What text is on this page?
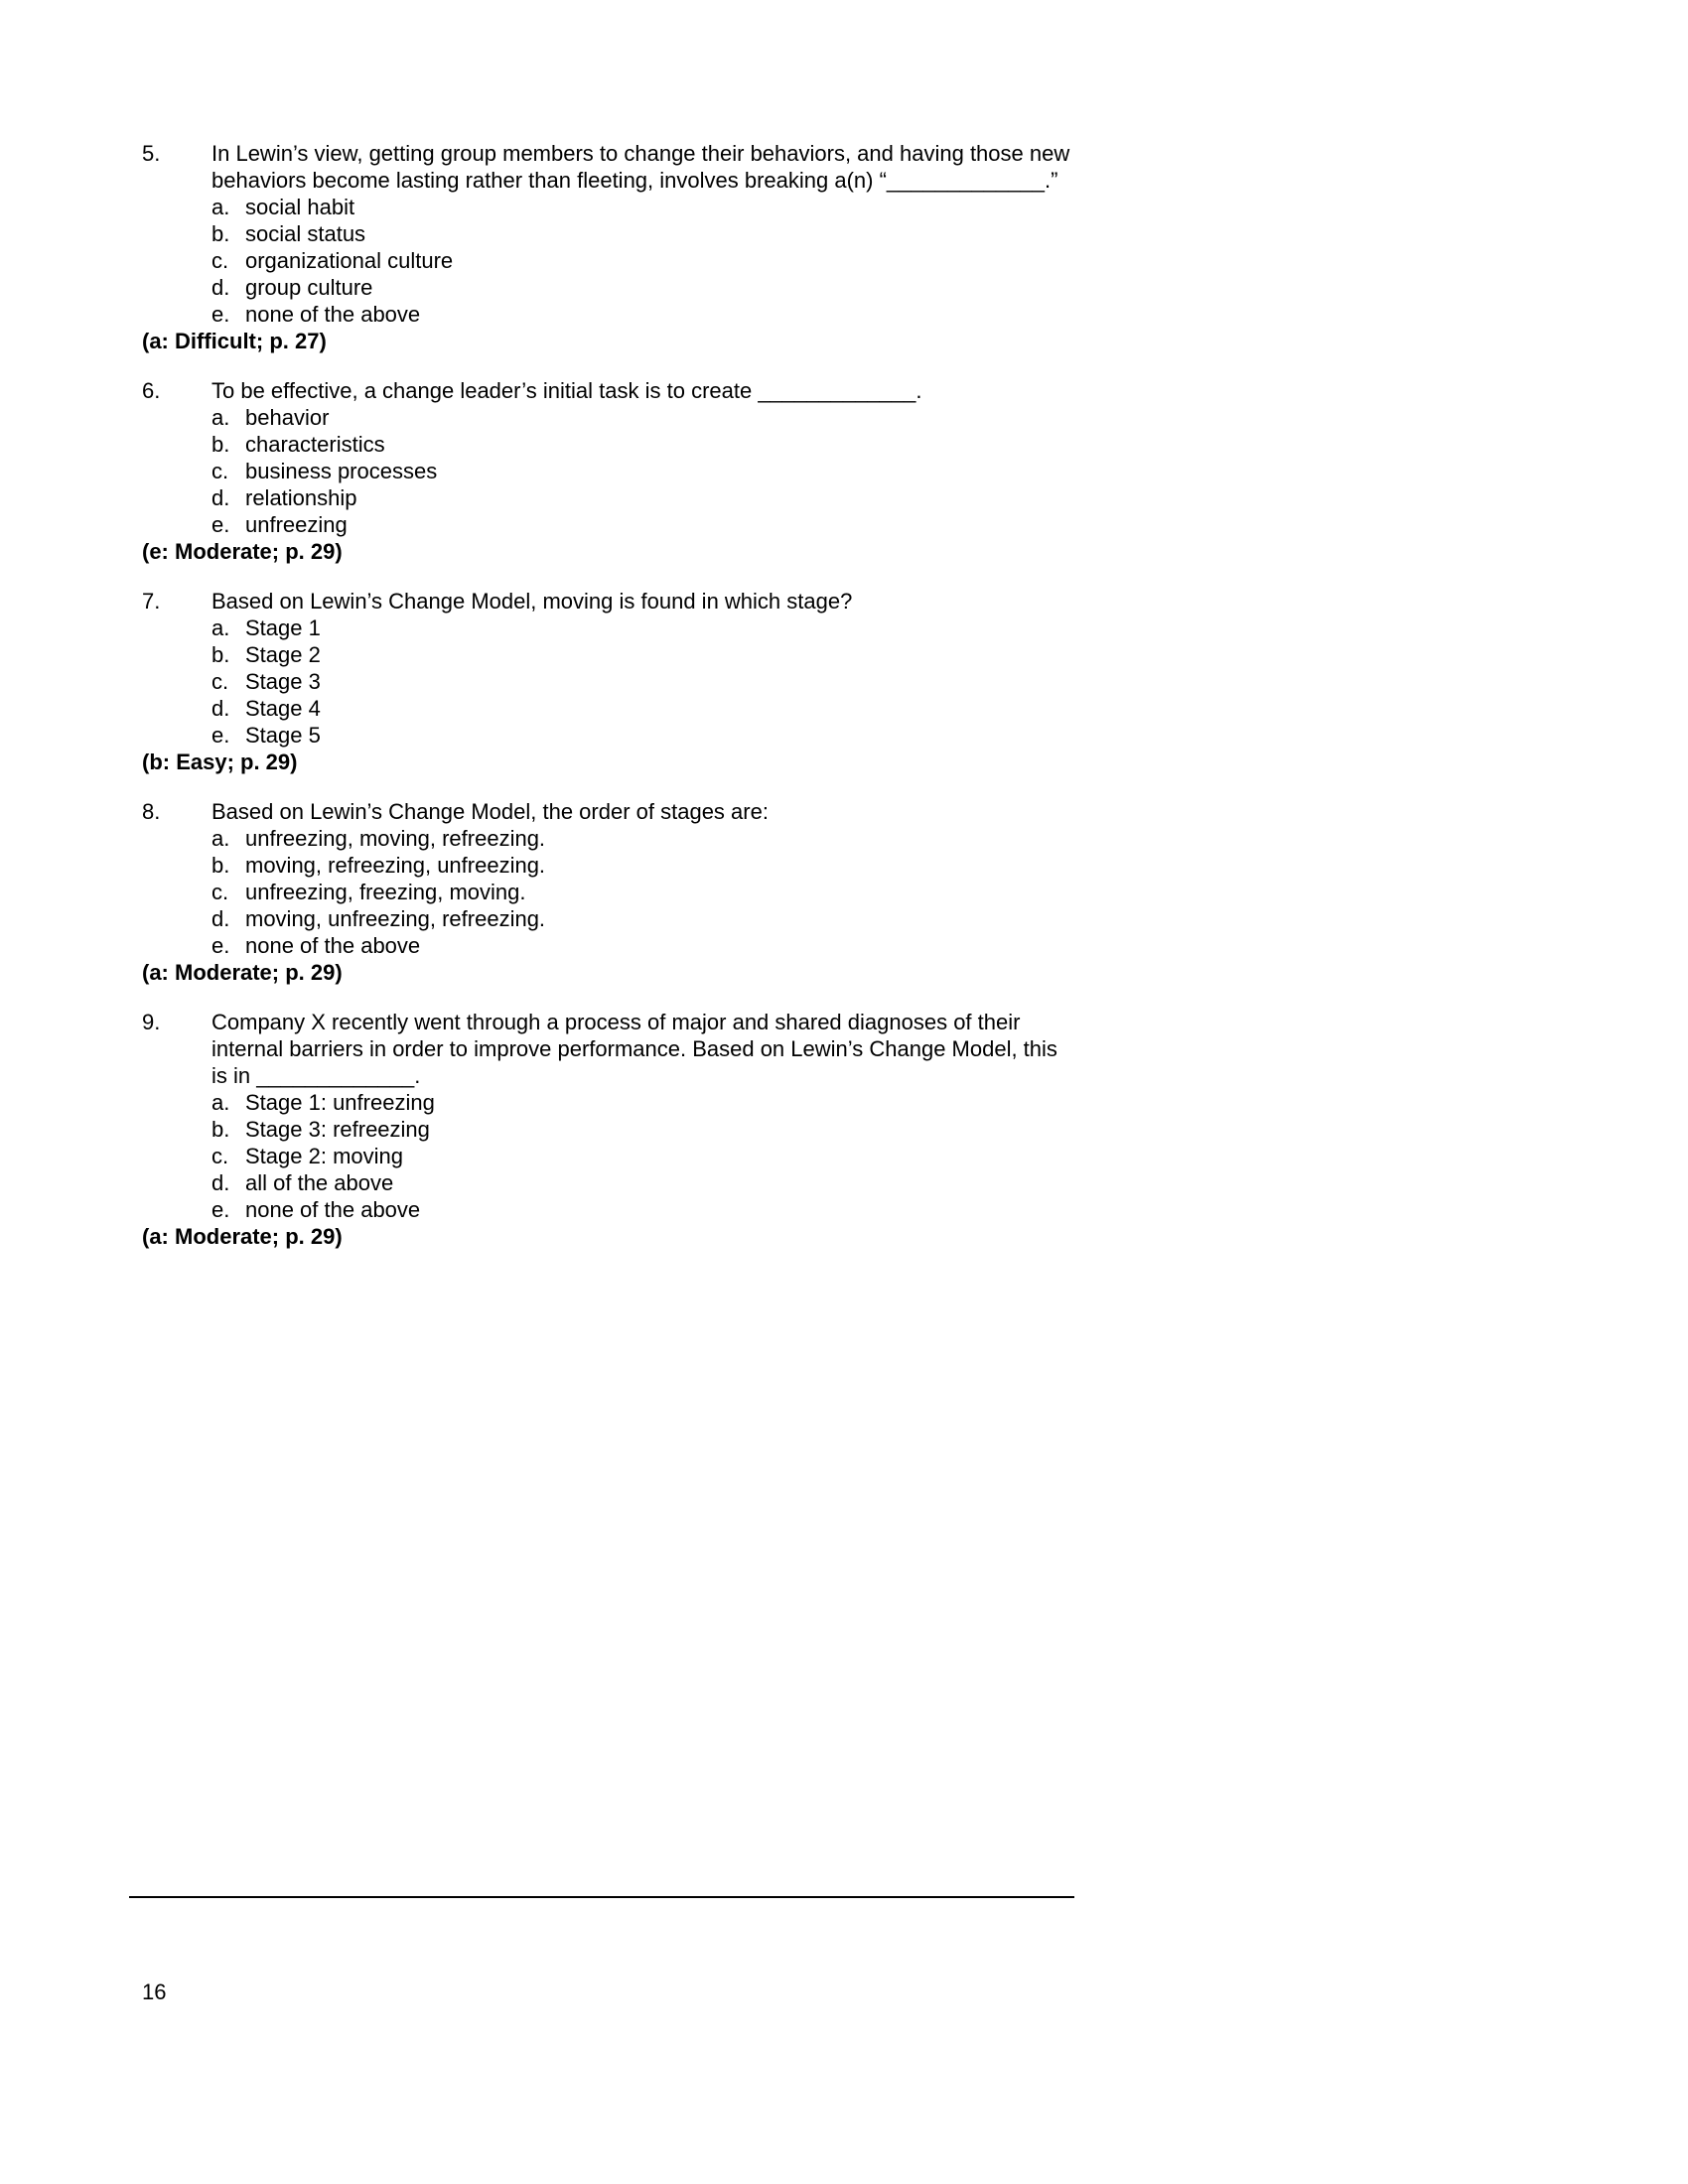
5.	In Lewin’s view, getting group members to change their behaviors, and having those new behaviors become lasting rather than fleeting, involves breaking a(n) “_____________.”

a. social habit
b. social status
c. organizational culture
d. group culture
e. none of the above

(a: Difficult; p. 27)

6.	To be effective, a change leader’s initial task is to create _____________.

a. behavior
b. characteristics
c. business processes
d. relationship
e. unfreezing

(e: Moderate; p. 29)

7.	Based on Lewin’s Change Model, moving is found in which stage?

a. Stage 1
b. Stage 2
c. Stage 3
d. Stage 4
e. Stage 5

(b: Easy; p. 29)

8.	Based on Lewin’s Change Model, the order of stages are:

a. unfreezing, moving, refreezing.
b. moving, refreezing, unfreezing.
c. unfreezing, freezing, moving.
d. moving, unfreezing, refreezing.
e. none of the above

(a: Moderate; p. 29)

9.	Company X recently went through a process of major and shared diagnoses of their internal barriers in order to improve performance. Based on Lewin’s Change Model, this is in _____________.

a. Stage 1: unfreezing
b. Stage 3: refreezing
c. Stage 2: moving
d. all of the above
e. none of the above

(a: Moderate; p. 29)

16
